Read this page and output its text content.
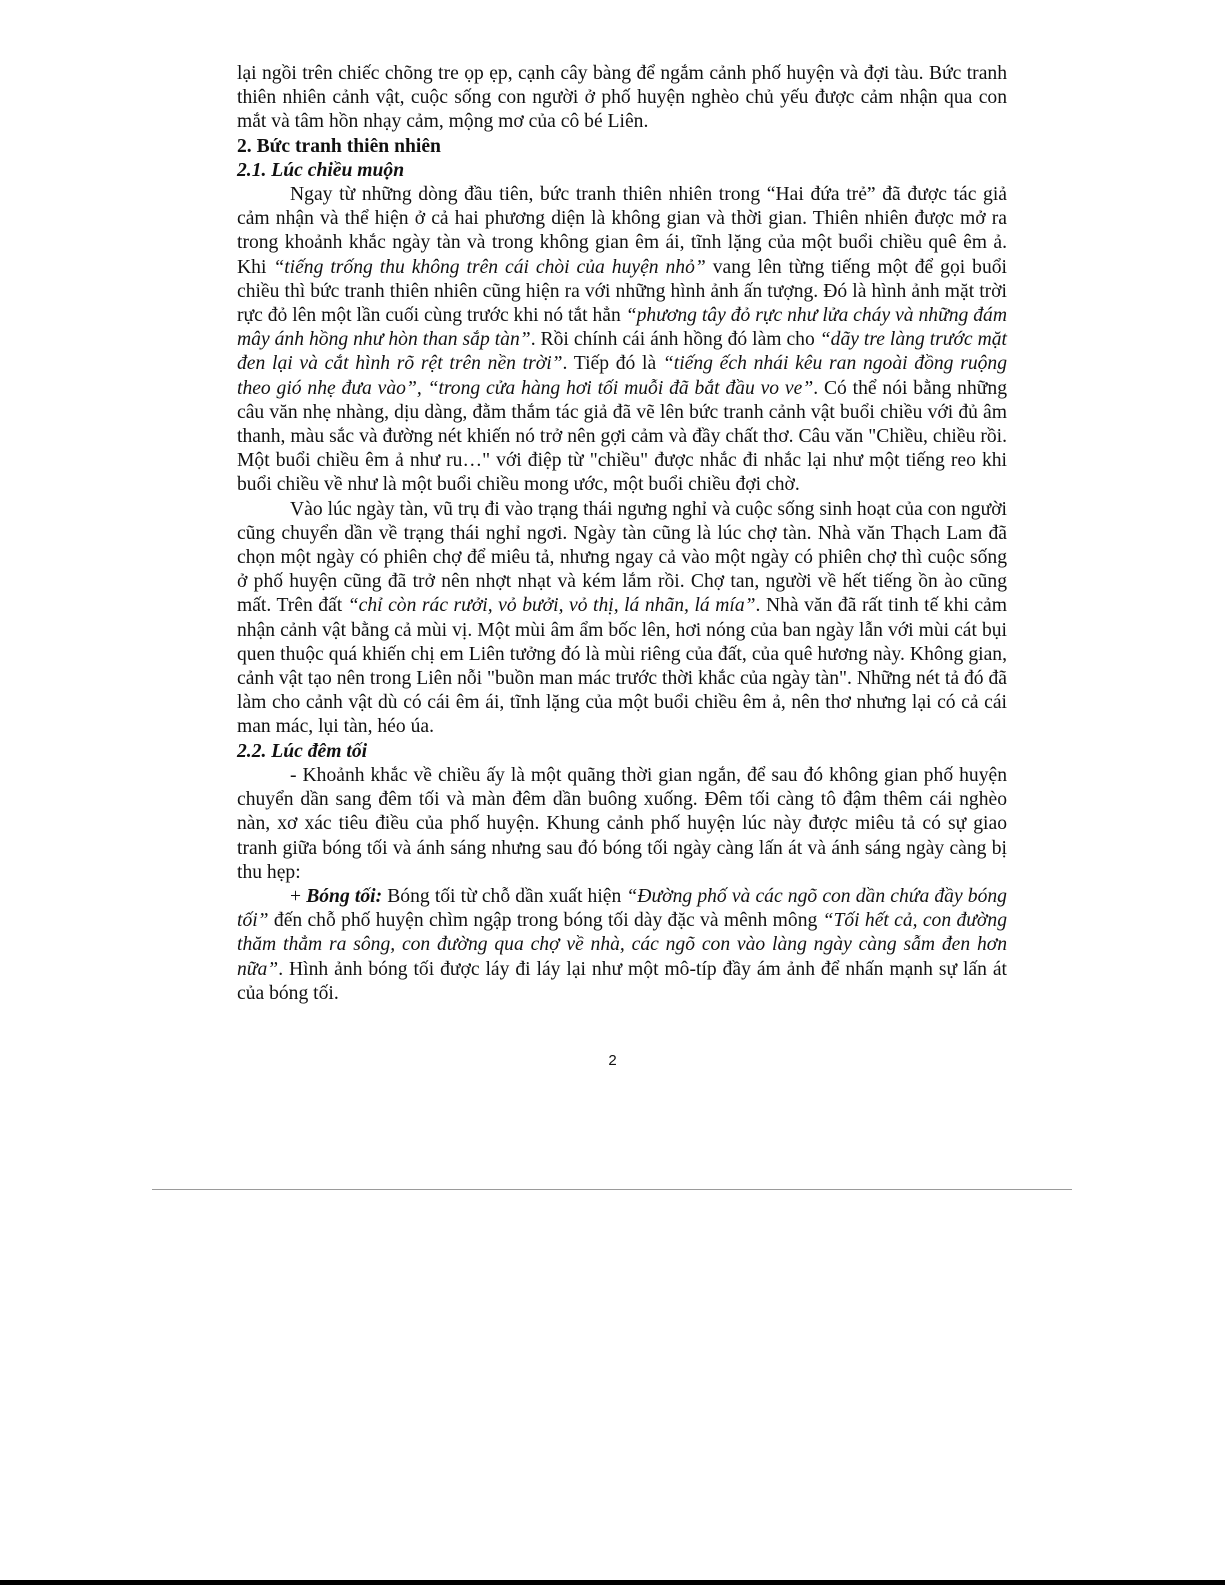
lại ngồi trên chiếc chõng tre ọp ẹp, cạnh cây bàng để ngắm cảnh phố huyện và đợi tàu. Bức tranh thiên nhiên cảnh vật, cuộc sống con người ở phố huyện nghèo chủ yếu được cảm nhận qua con mắt và tâm hồn nhạy cảm, mộng mơ của cô bé Liên.

2. Bức tranh thiên nhiên

2.1. Lúc chiều muộn

Ngay từ những dòng đầu tiên, bức tranh thiên nhiên trong “Hai đứa trẻ” đã được tác giả cảm nhận và thể hiện ở cả hai phương diện là không gian và thời gian. Thiên nhiên được mở ra trong khoảnh khắc ngày tàn và trong không gian êm ái, tĩnh lặng của một buổi chiều quê êm ả. Khi “tiếng trống thu không trên cái chòi của huyện nhỏ” vang lên từng tiếng một để gọi buổi chiều thì bức tranh thiên nhiên cũng hiện ra với những hình ảnh ấn tượng. Đó là hình ảnh mặt trời rực đỏ lên một lần cuối cùng trước khi nó tắt hẳn “phương tây đỏ rực như lửa cháy và những đám mây ánh hồng như hòn than sắp tàn”. Rồi chính cái ánh hồng đó làm cho “dãy tre làng trước mặt đen lại và cắt hình rõ rệt trên nền trời”. Tiếp đó là “tiếng ếch nhái kêu ran ngoài đồng ruộng theo gió nhẹ đưa vào”, “trong cửa hàng hơi tối muỗi đã bắt đầu vo ve”. Có thể nói bằng những câu văn nhẹ nhàng, dịu dàng, đằm thắm tác giả đã vẽ lên bức tranh cảnh vật buổi chiều với đủ âm thanh, màu sắc và đường nét khiến nó trở nên gợi cảm và đầy chất thơ. Câu văn "Chiều, chiều rồi. Một buổi chiều êm ả như ru…" với điệp từ "chiều" được nhắc đi nhắc lại như một tiếng reo khi buổi chiều về như là một buổi chiều mong ước, một buổi chiều đợi chờ.

Vào lúc ngày tàn, vũ trụ đi vào trạng thái ngưng nghỉ và cuộc sống sinh hoạt của con người cũng chuyển dần về trạng thái nghỉ ngơi. Ngày tàn cũng là lúc chợ tàn. Nhà văn Thạch Lam đã chọn một ngày có phiên chợ để miêu tả, nhưng ngay cả vào một ngày có phiên chợ thì cuộc sống ở phố huyện cũng đã trở nên nhợt nhạt và kém lắm rồi. Chợ tan, người về hết tiếng ồn ào cũng mất. Trên đất “chỉ còn rác rưởi, vỏ bưởi, vỏ thị, lá nhãn, lá mía”. Nhà văn đã rất tinh tế khi cảm nhận cảnh vật bằng cả mùi vị. Một mùi âm ẩm bốc lên, hơi nóng của ban ngày lẫn với mùi cát bụi quen thuộc quá khiến chị em Liên tưởng đó là mùi riêng của đất, của quê hương này. Không gian, cảnh vật tạo nên trong Liên nỗi "buồn man mác trước thời khắc của ngày tàn". Những nét tả đó đã làm cho cảnh vật dù có cái êm ái, tĩnh lặng của một buổi chiều êm ả, nên thơ nhưng lại có cả cái man mác, lụi tàn, héo úa.

2.2. Lúc đêm tối

- Khoảnh khắc về chiều ấy là một quãng thời gian ngắn, để sau đó không gian phố huyện chuyển dần sang đêm tối và màn đêm dần buông xuống. Đêm tối càng tô đậm thêm cái nghèo nàn, xơ xác tiêu điều của phố huyện. Khung cảnh phố huyện lúc này được miêu tả có sự giao tranh giữa bóng tối và ánh sáng nhưng sau đó bóng tối ngày càng lấn át và ánh sáng ngày càng bị thu hẹp:

+ Bóng tối: Bóng tối từ chỗ dần xuất hiện “Đường phố và các ngõ con dần chứa đầy bóng tối” đến chỗ phố huyện chìm ngập trong bóng tối dày đặc và mênh mông “Tối hết cả, con đường thăm thẳm ra sông, con đường qua chợ về nhà, các ngõ con vào làng ngày càng sẫm đen hơn nữa”. Hình ảnh bóng tối được láy đi láy lại như một mô-típ đầy ám ảnh để nhấn mạnh sự lấn át của bóng tối.

2
